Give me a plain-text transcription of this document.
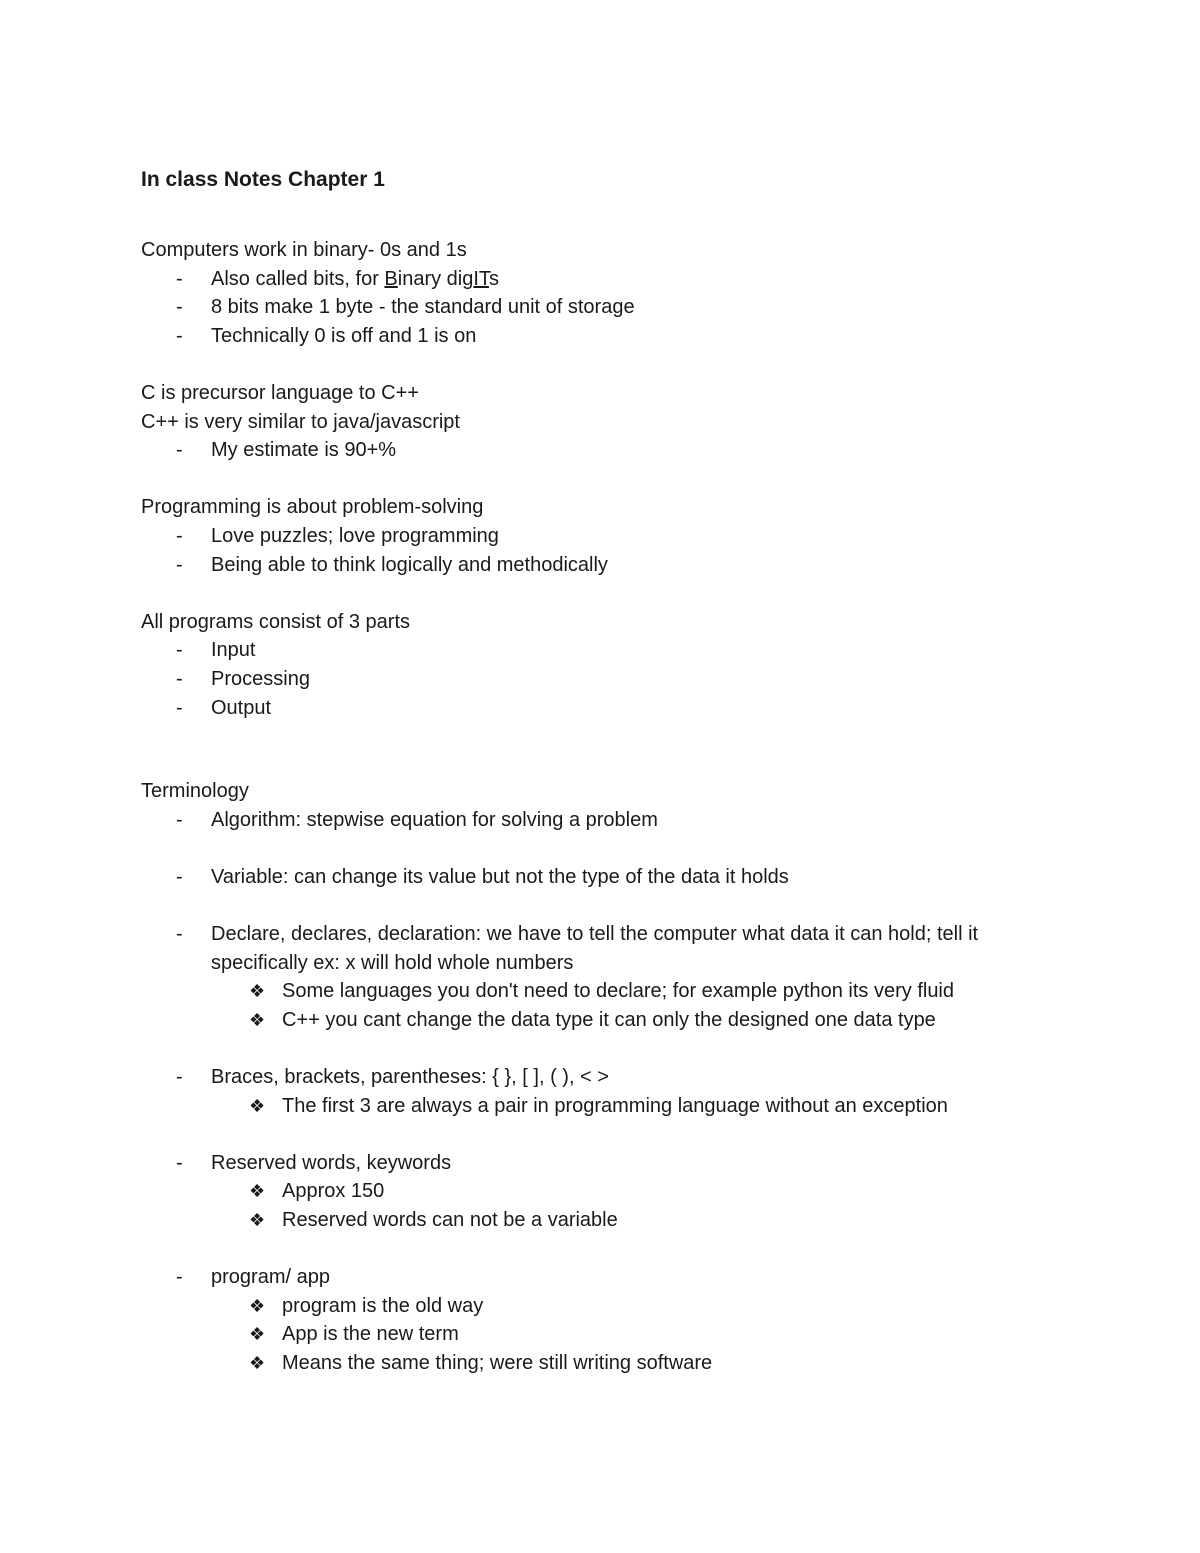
In class Notes Chapter 1
Computers work in binary- 0s and 1s
- Also called bits, for Binary digITs
- 8 bits make 1 byte - the standard unit of storage
- Technically 0 is off and 1 is on
C is precursor language to C++
C++ is very similar to java/javascript
- My estimate is 90+%
Programming is about problem-solving
- Love puzzles; love programming
- Being able to think logically and methodically
All programs consist of 3 parts
- Input
- Processing
- Output
Terminology
- Algorithm: stepwise equation for solving a problem
- Variable: can change its value but not the type of the data it holds
- Declare, declares, declaration: we have to tell the computer what data it can hold; tell it specifically ex: x will hold whole numbers
❖ Some languages you don't need to declare; for example python its very fluid
❖ C++ you cant change the data type it can only the designed one data type
- Braces, brackets, parentheses: { }, [ ], ( ), < >
❖ The first 3 are always a pair in programming language without an exception
- Reserved words, keywords
❖ Approx 150
❖ Reserved words can not be a variable
- program/ app
❖ program is the old way
❖ App is the new term
❖ Means the same thing; were still writing software
